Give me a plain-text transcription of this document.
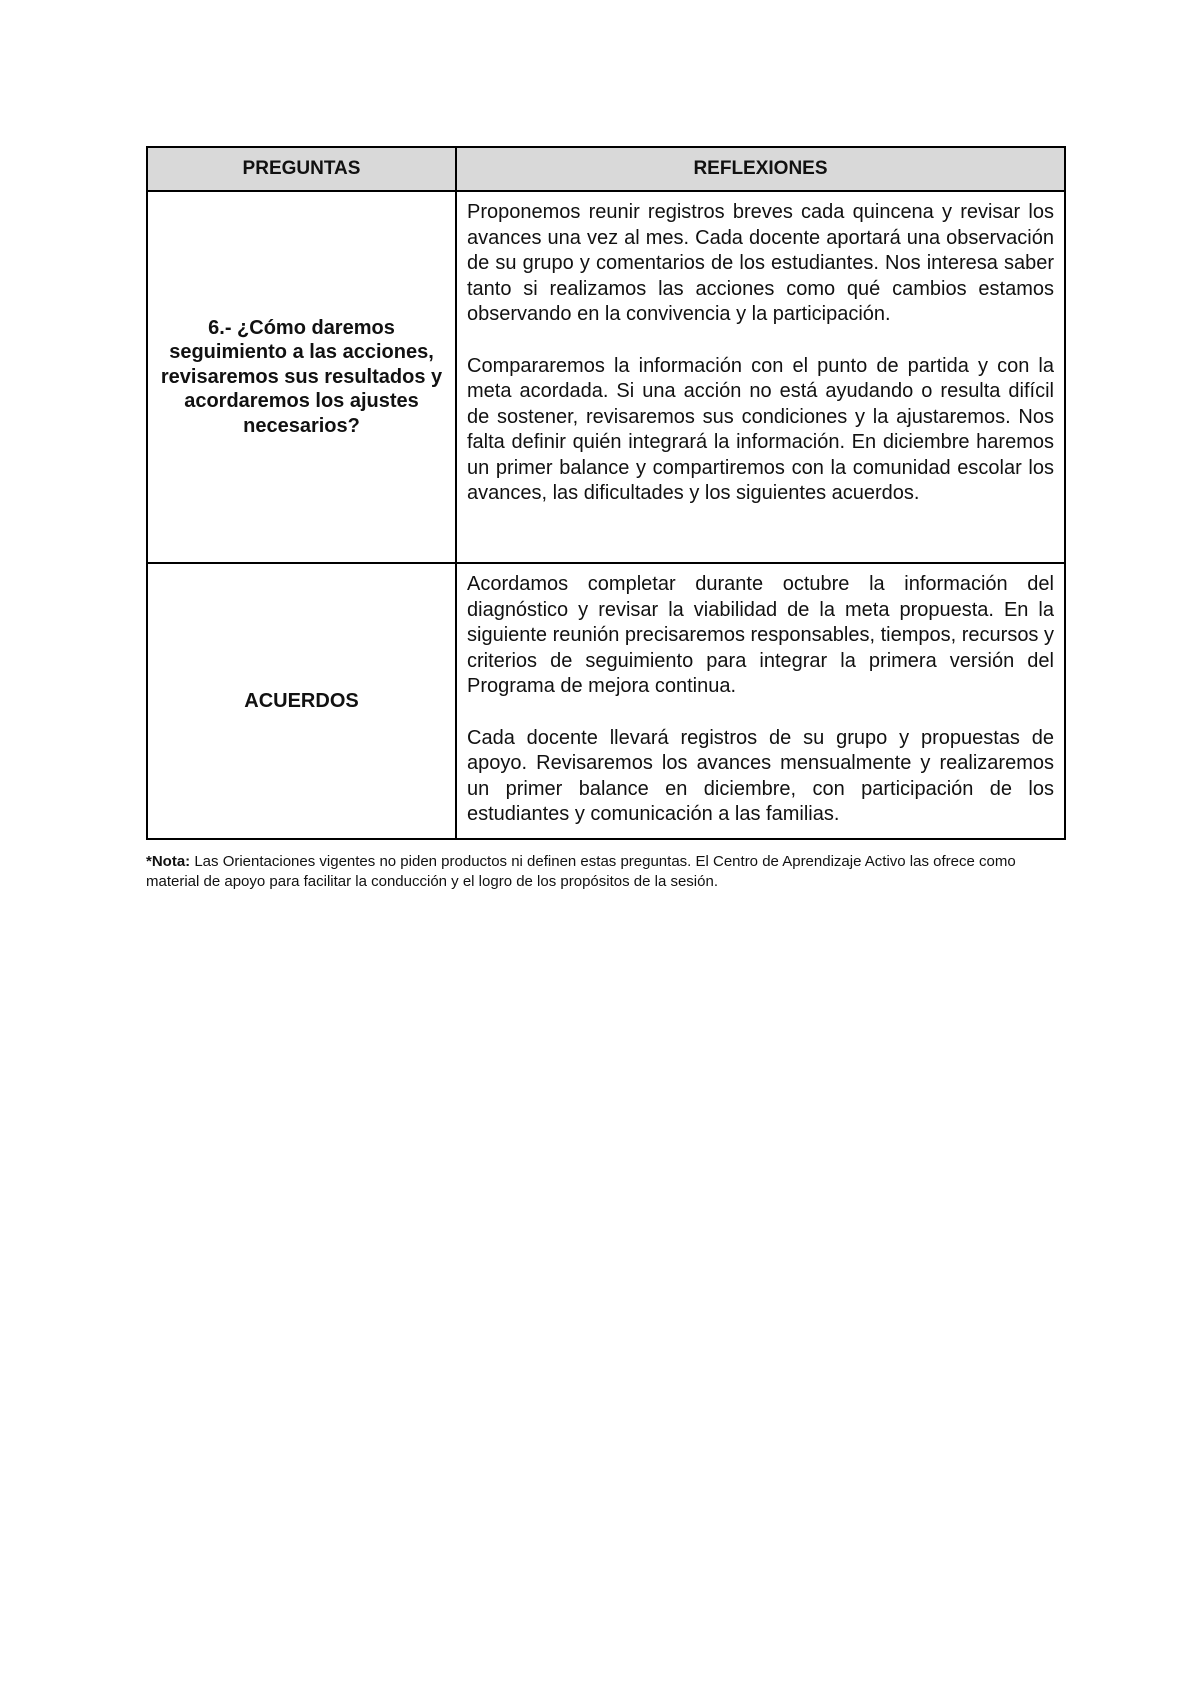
PREGUNTAS	REFLEXIONES
6.- ¿Cómo daremos seguimiento a las acciones, revisaremos sus resultados y acordaremos los ajustes necesarios?	Proponemos reunir registros breves cada quincena y revisar los avances una vez al mes. Cada docente aportará una observación de su grupo y comentarios de los estudiantes. Nos interesa saber tanto si realizamos las acciones como qué cambios estamos observando en la convivencia y la participación.

Compararemos la información con el punto de partida y con la meta acordada. Si una acción no está ayudando o resulta difícil de sostener, revisaremos sus condiciones y la ajustaremos. Nos falta definir quién integrará la información. En diciembre haremos un primer balance y compartiremos con la comunidad escolar los avances, las dificultades y los siguientes acuerdos.

ACUERDOS	Acordamos completar durante octubre la información del diagnóstico y revisar la viabilidad de la meta propuesta. En la siguiente reunión precisaremos responsables, tiempos, recursos y criterios de seguimiento para integrar la primera versión del Programa de mejora continua.

Cada docente llevará registros de su grupo y propuestas de apoyo. Revisaremos los avances mensualmente y realizaremos un primer balance en diciembre, con participación de los estudiantes y comunicación a las familias.

*Nota: Las Orientaciones vigentes no piden productos ni definen estas preguntas. El Centro de Aprendizaje Activo las ofrece como material de apoyo para facilitar la conducción y el logro de los propósitos de la sesión.
